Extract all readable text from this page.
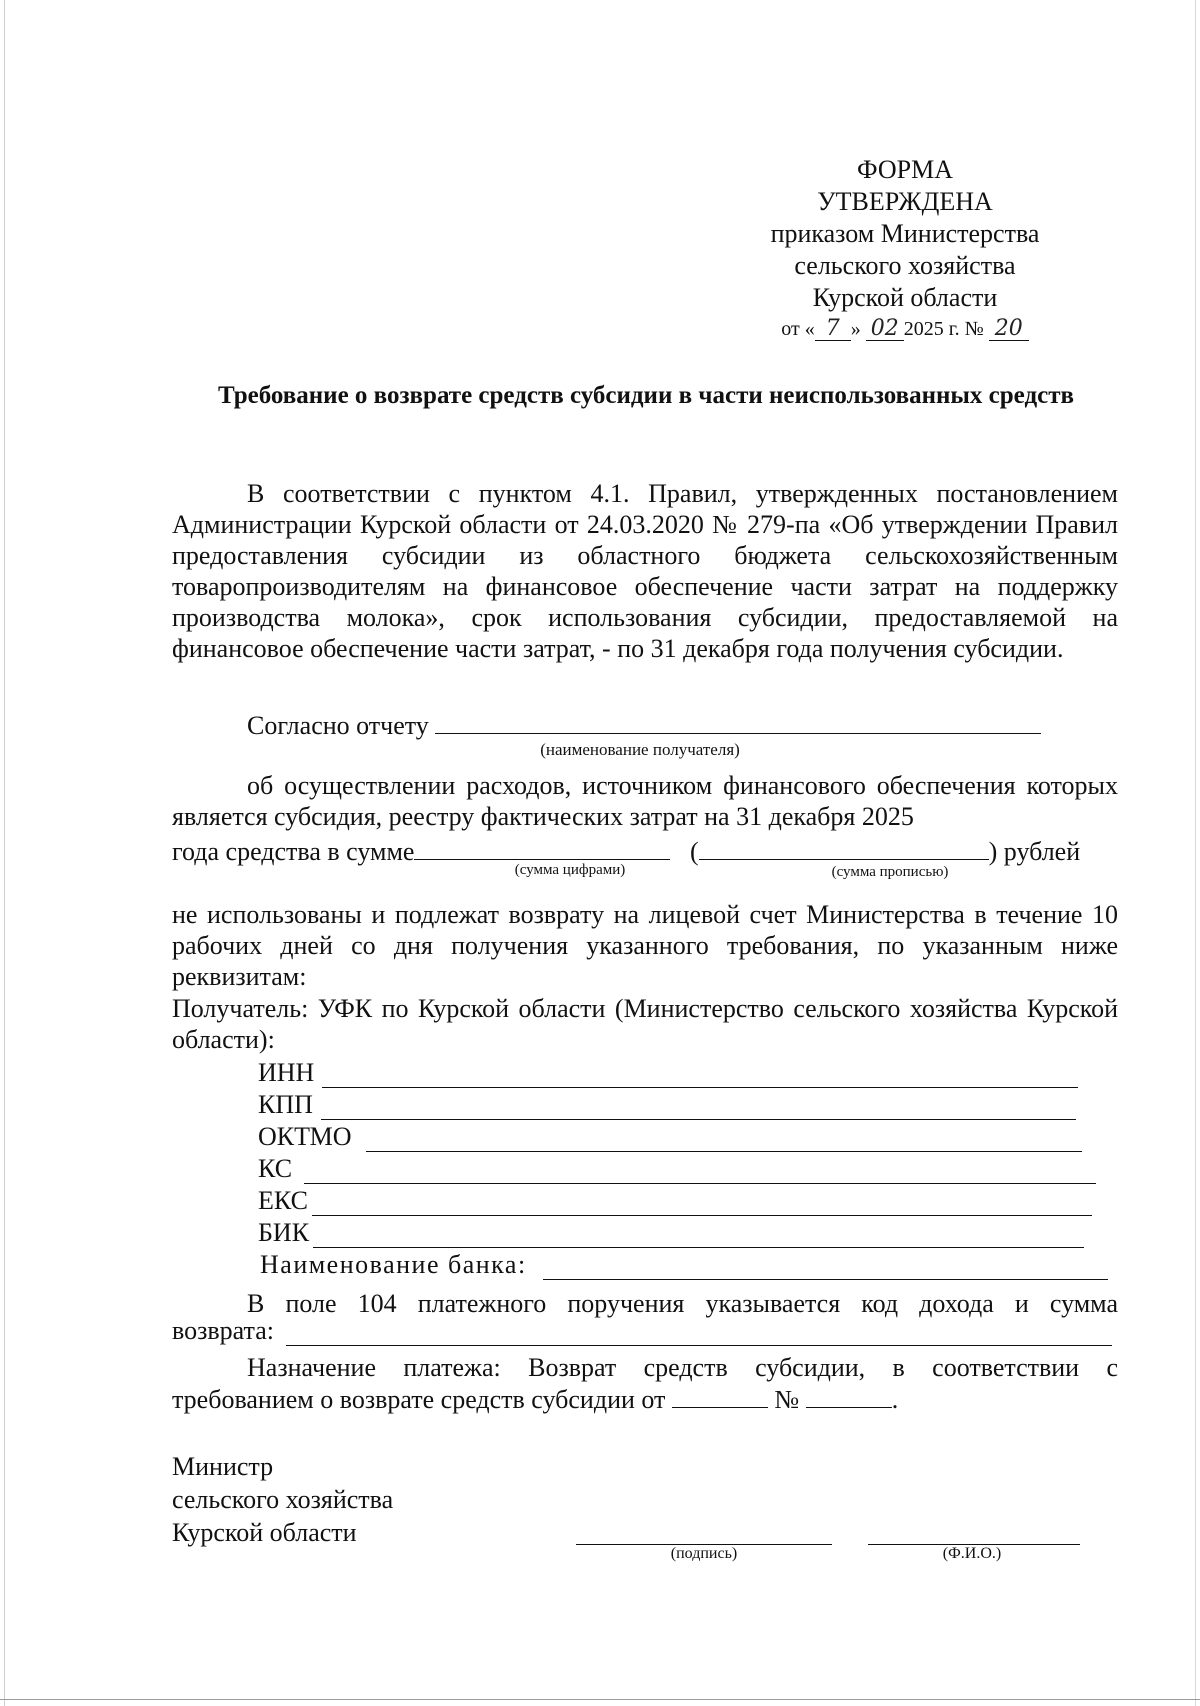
ФОРМА
УТВЕРЖДЕНА
приказом Министерства
сельского хозяйства
Курской области
от « 7 » 02 2025 г. № 20
Требование о возврате средств субсидии в части неиспользованных средств

В соответствии с пунктом 4.1. Правил, утвержденных постановлением Администрации Курской области от 24.03.2020 № 279-па «Об утверждении Правил предоставления субсидии из областного бюджета сельскохозяйственным товаропроизводителям на финансовое обеспечение части затрат на поддержку производства молока», срок использования субсидии, предоставляемой на финансовое обеспечение части затрат, - по 31 декабря года получения субсидии.

Согласно отчету

(наименование получателя)

об осуществлении расходов, источником финансового обеспечения которых является субсидия, реестру фактических затрат на 31 декабря 2025

года средства в сумме	(	) рублей

(сумма цифрами)	(сумма прописью)

не использованы и подлежат возврату на лицевой счет Министерства в течение 10 рабочих дней со дня получения указанного требования, по указанным ниже реквизитам:

Получатель: УФК по Курской области (Министерство сельского хозяйства Курской области):

ИНН
КПП
ОКТМО
КС
ЕКС
БИК
Наименование банка:

В поле 104 платежного поручения указывается код дохода и сумма

возврата:

Назначение платежа: Возврат средств субсидии, в соответствии с

требованием о возврате средств субсидии от	№	.

Министр

сельского хозяйства

Курской области

(подпись)	(Ф.И.О.)
